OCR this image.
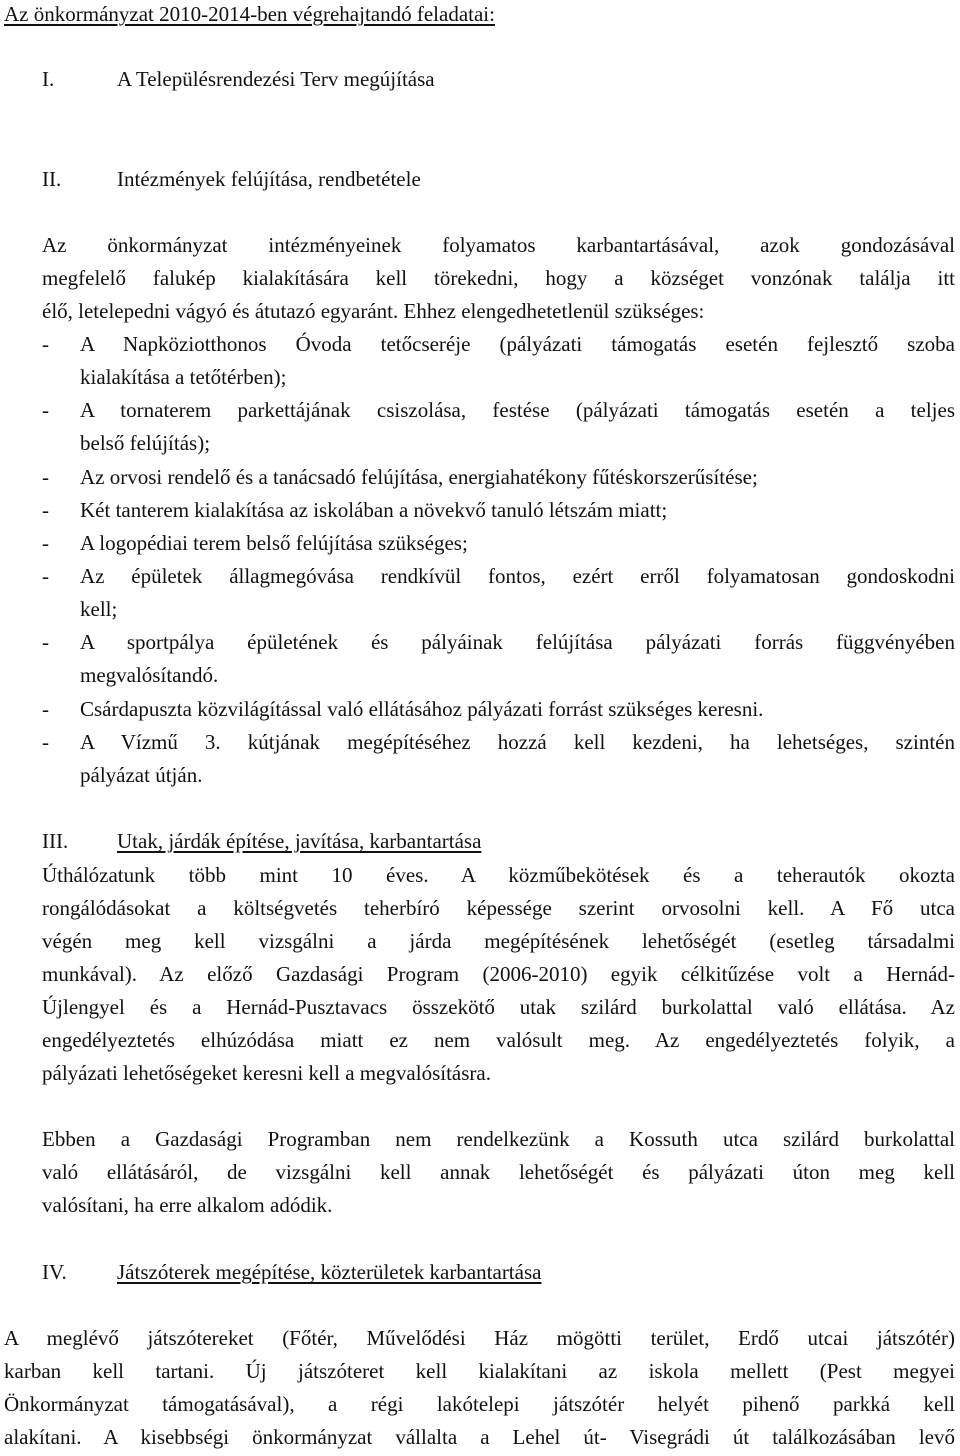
Az önkormányzat 2010-2014-ben végrehajtandó feladatai:
I.	A Településrendezési Terv megújítása
II.	Intézmények felújítása, rendbetétele
Az önkormányzat intézményeinek folyamatos karbantartásával, azok gondozásával
megfelelő falukép kialakítására kell törekedni, hogy a községet vonzónak találja itt
élő, letelepedni vágyó és átutazó egyaránt. Ehhez elengedhetetlenül szükséges:
- A Napköziotthonos Óvoda tetőcseréje (pályázati támogatás esetén fejlesztő szoba
kialakítása a tetőtérben);
- A tornaterem parkettájának csiszolása, festése (pályázati támogatás esetén a teljes
belső felújítás);
- Az orvosi rendelő és a tanácsadó felújítása, energiahatékony fűtéskorszerűsítése;
- Két tanterem kialakítása az iskolában a növekvő tanuló létszám miatt;
- A logopédiai terem belső felújítása szükséges;
- Az épületek állagmegóvása rendkívül fontos, ezért erről folyamatosan gondoskodni
kell;
- A sportpálya épületének és pályáinak felújítása pályázati forrás függvényében
megvalósítandó.
- Csárdapuszta közvilágítással való ellátásához pályázati forrást szükséges keresni.
- A Vízmű 3. kútjának megépítéséhez hozzá kell kezdeni, ha lehetséges, szintén
pályázat útján.
III. Utak, járdák építése, javítása, karbantartása
Úthálózatunk több mint 10 éves. A közműbekötések és a teherautók okozta
rongálódásokat a költségvetés teherbíró képessége szerint orvosolni kell. A Fő utca
végén meg kell vizsgálni a járda megépítésének lehetőségét (esetleg társadalmi
munkával). Az előző Gazdasági Program (2006-2010) egyik célkitűzése volt a Hernád-
Újlengyel és a Hernád-Pusztavacs összekötő utak szilárd burkolattal való ellátása. Az
engedélyeztetés elhúzódása miatt ez nem valósult meg. Az engedélyeztetés folyik, a
pályázati lehetőségeket keresni kell a megvalósításra.
Ebben a Gazdasági Programban nem rendelkezünk a Kossuth utca szilárd burkolattal
való ellátásáról, de vizsgálni kell annak lehetőségét és pályázati úton meg kell
valósítani, ha erre alkalom adódik.
IV. Játszóterek megépítése, közterületek karbantartása
A meglévő játszótereket (Főtér, Művelődési Ház mögötti terület, Erdő utcai játszótér)
karban kell tartani. Új játszóteret kell kialakítani az iskola mellett (Pest megyei
Önkormányzat támogatásával), a régi lakótelepi játszótér helyét pihenő parkká kell
alakítani. A kisebbségi önkormányzat vállalta a Lehel út- Visegrádi út találkozásában levő
